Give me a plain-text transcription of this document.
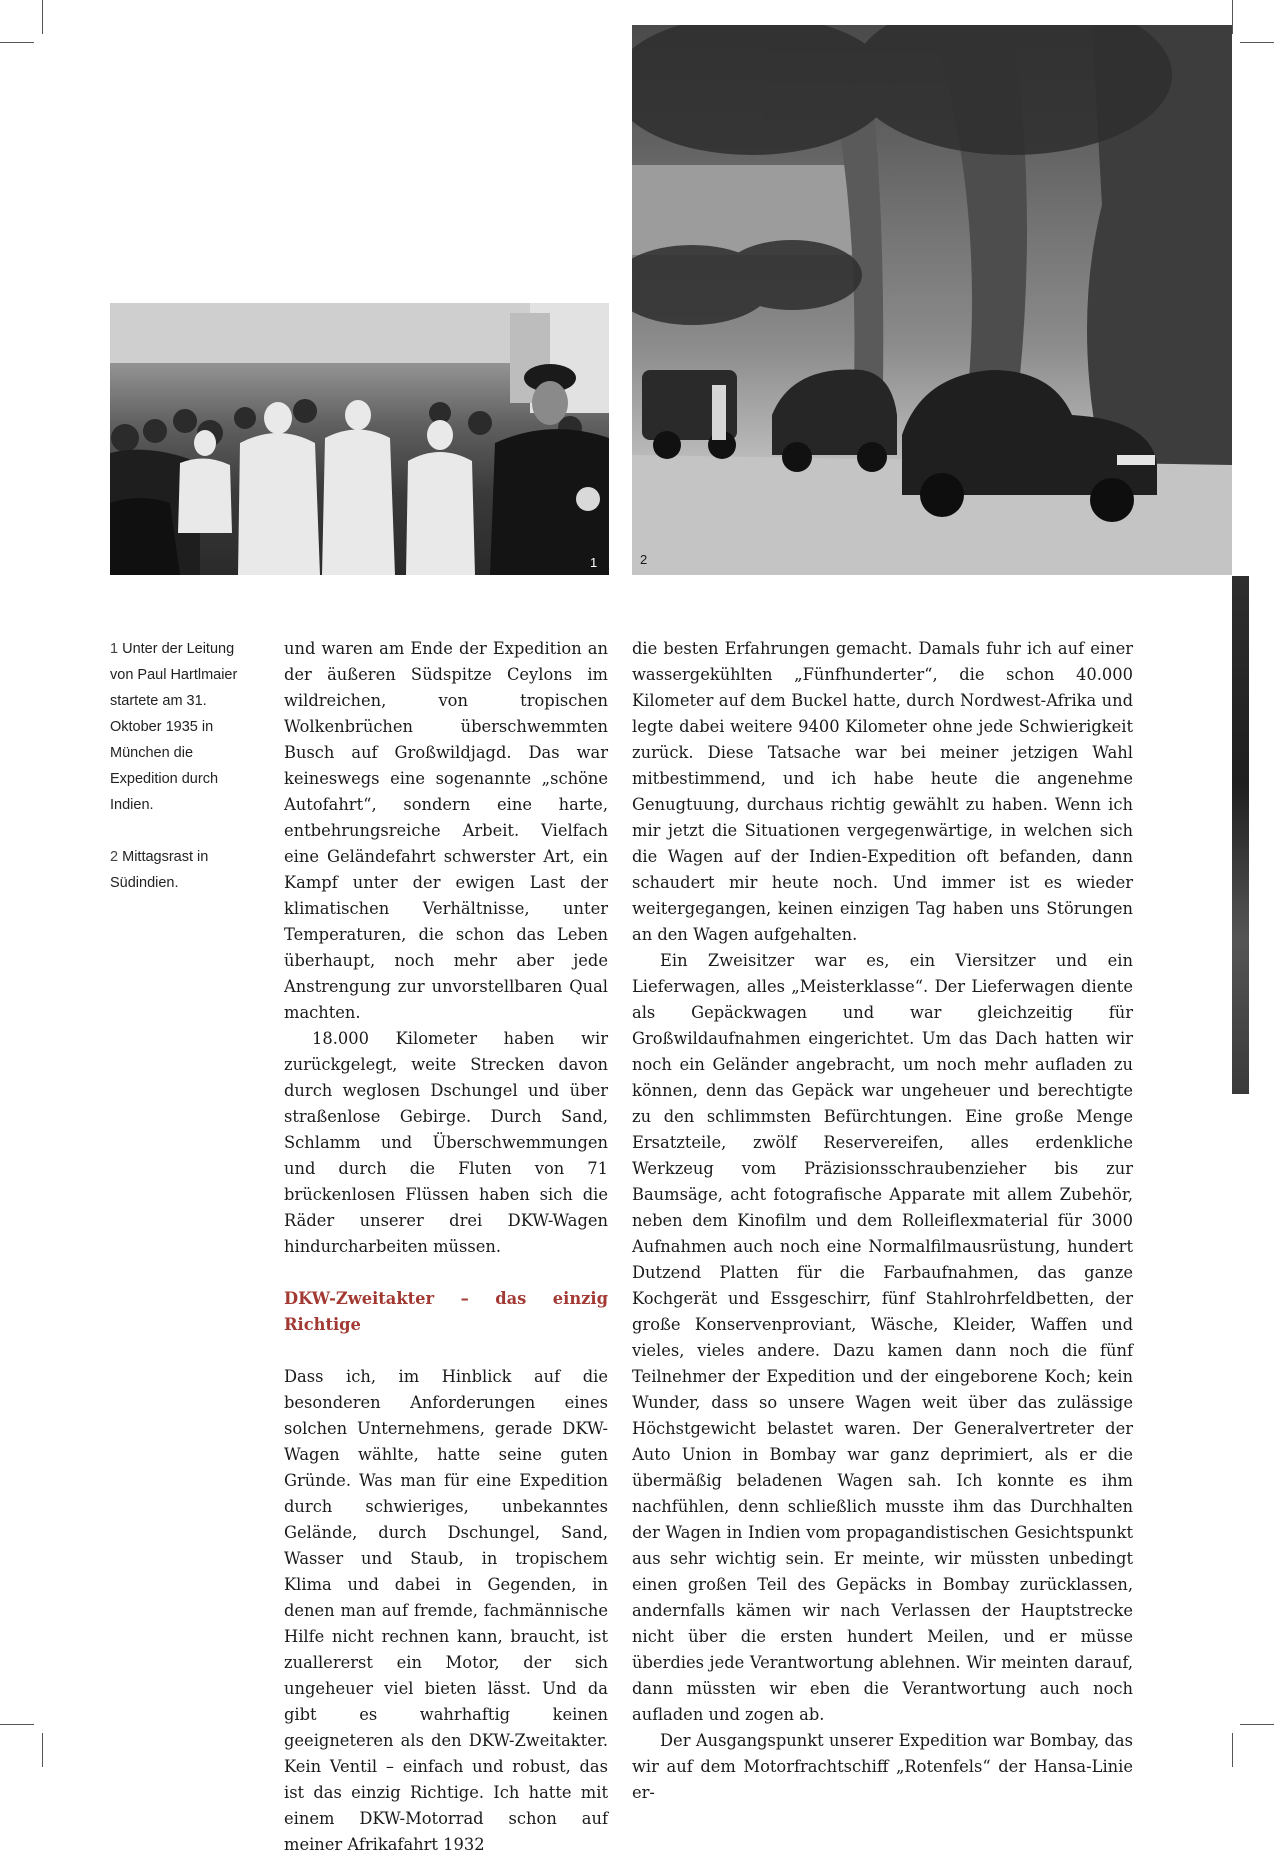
1	2

1 Unter der Leitung von Paul Hartlmaier startete am 31. Oktober 1935 in München die Expedition durch Indien.

2 Mittagsrast in Südindien.

und waren am Ende der Expedition an der äußeren Südspitze Ceylons im wildreichen, von tropischen Wolkenbrüchen überschwemmten Busch auf Großwildjagd. Das war keineswegs eine sogenannte „schöne Autofahrt“, sondern eine harte, entbehrungsreiche Arbeit. Vielfach eine Geländefahrt schwerster Art, ein Kampf unter der ewigen Last der klimatischen Verhältnisse, unter Temperaturen, die schon das Leben überhaupt, noch mehr aber jede Anstrengung zur unvorstellbaren Qual machten.

18.000 Kilometer haben wir zurückgelegt, weite Strecken davon durch weglosen Dschungel und über straßenlose Gebirge. Durch Sand, Schlamm und Überschwemmungen und durch die Fluten von 71 brückenlosen Flüssen haben sich die Räder unserer drei DKW-Wagen hindurcharbeiten müssen.

DKW-Zweitakter – das einzig Richtige

Dass ich, im Hinblick auf die besonderen Anforderungen eines solchen Unternehmens, gerade DKW-Wagen wählte, hatte seine guten Gründe. Was man für eine Expedition durch schwieriges, unbekanntes Gelände, durch Dschungel, Sand, Wasser und Staub, in tropischem Klima und dabei in Gegenden, in denen man auf fremde, fachmännische Hilfe nicht rechnen kann, braucht, ist zuallererst ein Motor, der sich ungeheuer viel bieten lässt. Und da gibt es wahrhaftig keinen geeigneteren als den DKW-Zweitakter. Kein Ventil – einfach und robust, das ist das einzig Richtige. Ich hatte mit einem DKW-Motorrad schon auf meiner Afrikafahrt 1932

die besten Erfahrungen gemacht. Damals fuhr ich auf einer wassergekühlten „Fünfhunderter“, die schon 40.000 Kilometer auf dem Buckel hatte, durch Nordwest-Afrika und legte dabei weitere 9400 Kilometer ohne jede Schwierigkeit zurück. Diese Tatsache war bei meiner jetzigen Wahl mitbestimmend, und ich habe heute die angenehme Genugtuung, durchaus richtig gewählt zu haben. Wenn ich mir jetzt die Situationen vergegenwärtige, in welchen sich die Wagen auf der Indien-Expedition oft befanden, dann schaudert mir heute noch. Und immer ist es wieder weitergegangen, keinen einzigen Tag haben uns Störungen an den Wagen aufgehalten.

Ein Zweisitzer war es, ein Viersitzer und ein Lieferwagen, alles „Meisterklasse“. Der Lieferwagen diente als Gepäckwagen und war gleichzeitig für Großwildaufnahmen eingerichtet. Um das Dach hatten wir noch ein Geländer angebracht, um noch mehr aufladen zu können, denn das Gepäck war ungeheuer und berechtigte zu den schlimmsten Befürchtungen. Eine große Menge Ersatzteile, zwölf Reservereifen, alles erdenkliche Werkzeug vom Präzisionsschraubenzieher bis zur Baumsäge, acht fotografische Apparate mit allem Zubehör, neben dem Kinofilm und dem Rolleiflexmaterial für 3000 Aufnahmen auch noch eine Normalfilmausrüstung, hundert Dutzend Platten für die Farbaufnahmen, das ganze Kochgerät und Essgeschirr, fünf Stahlrohrfeldbetten, der große Konservenproviant, Wäsche, Kleider, Waffen und vieles, vieles andere. Dazu kamen dann noch die fünf Teilnehmer der Expedition und der eingeborene Koch; kein Wunder, dass so unsere Wagen weit über das zulässige Höchstgewicht belastet waren. Der Generalvertreter der Auto Union in Bombay war ganz deprimiert, als er die übermäßig beladenen Wagen sah. Ich konnte es ihm nachfühlen, denn schließlich musste ihm das Durchhalten der Wagen in Indien vom propagandistischen Gesichtspunkt aus sehr wichtig sein. Er meinte, wir müssten unbedingt einen großen Teil des Gepäcks in Bombay zurücklassen, andernfalls kämen wir nach Verlassen der Hauptstrecke nicht über die ersten hundert Meilen, und er müsse überdies jede Verantwortung ablehnen. Wir meinten darauf, dann müssten wir eben die Verantwortung auch noch aufladen und zogen ab.

Der Ausgangspunkt unserer Expedition war Bombay, das wir auf dem Motorfrachtschiff „Rotenfels“ der Hansa-Linie er-
